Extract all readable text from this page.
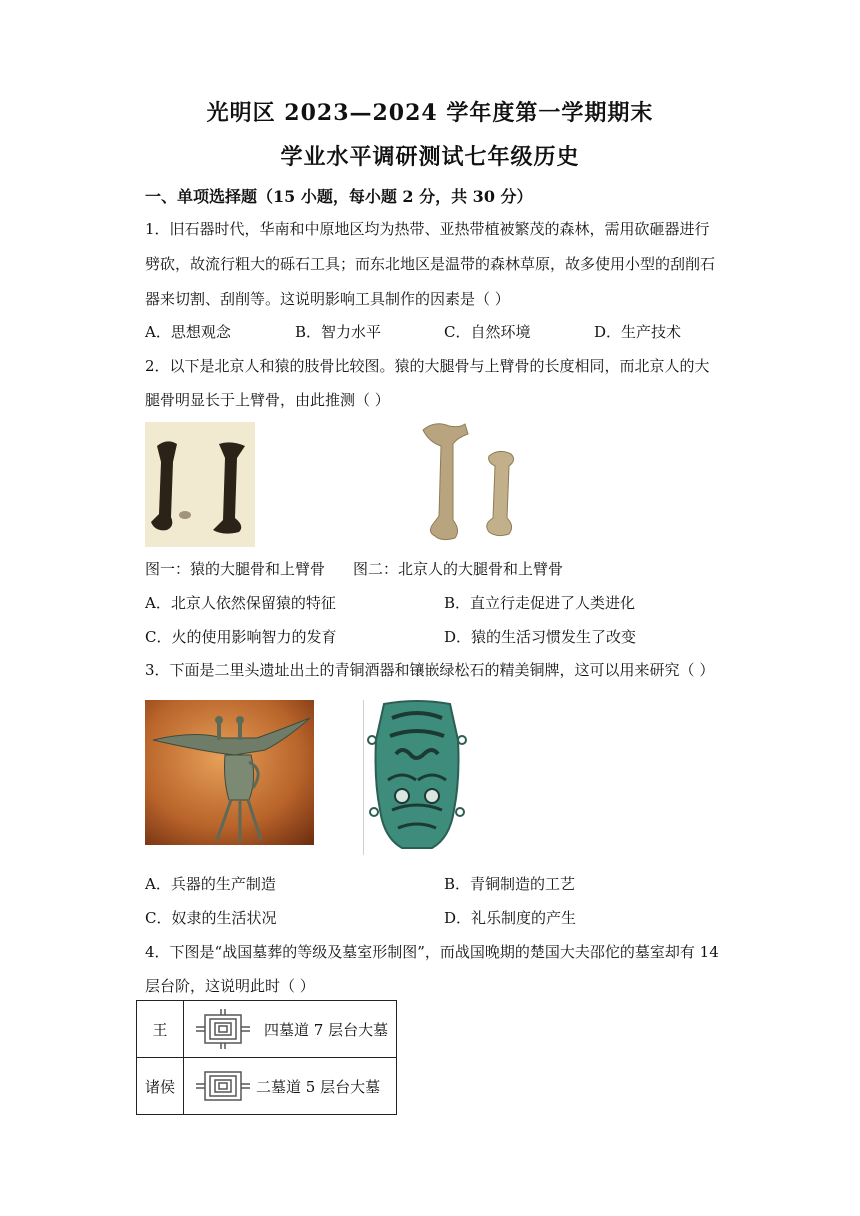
光明区 2023—2024 学年度第一学期期末
学业水平调研测试七年级历史
一、单项选择题（15 小题，每小题 2 分，共 30 分）
1．旧石器时代，华南和中原地区均为热带、亚热带植被繁茂的森林，需用砍砸器进行
劈砍，故流行粗大的砾石工具；而东北地区是温带的森林草原，故多使用小型的刮削石
器来切割、刮削等。这说明影响工具制作的因素是（ ）
A．思想观念	B．智力水平	C．自然环境	D．生产技术
2．以下是北京人和猿的肢骨比较图。猿的大腿骨与上臂骨的长度相同，而北京人的大
腿骨明显长于上臂骨，由此推测（ ）
图一：猿的大腿骨和上臂骨 图二：北京人的大腿骨和上臂骨
A．北京人依然保留猿的特征	B．直立行走促进了人类进化
C．火的使用影响智力的发育	D．猿的生活习惯发生了改变
3．下面是二里头遗址出土的青铜酒器和镶嵌绿松石的精美铜牌，这可以用来研究（ ）
A．兵器的生产制造	B．青铜制造的工艺
C．奴隶的生活状况	D．礼乐制度的产生
4．下图是“战国墓葬的等级及墓室形制图”，而战国晚期的楚国大夫邵佗的墓室却有 14
层台阶，这说明此时（ ）
王	四墓道 7 层台大墓

诸侯	二墓道 5 层台大墓
